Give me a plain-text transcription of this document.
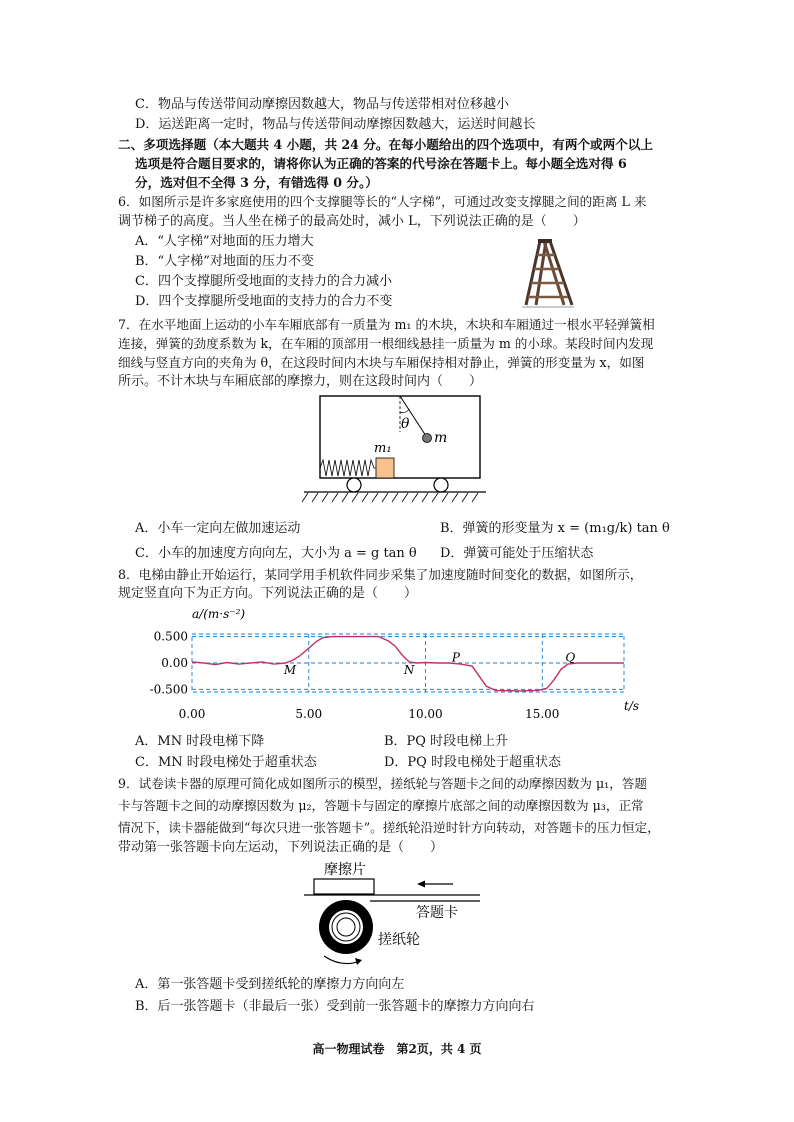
C．物品与传送带间动摩擦因数越大，物品与传送带相对位移越小
D．运送距离一定时，物品与传送带间动摩擦因数越大，运送时间越长
二、多项选择题（本大题共 4 小题，共 24 分。在每小题给出的四个选项中，有两个或两个以上
选项是符合题目要求的，请将你认为正确的答案的代号涂在答题卡上。每小题全选对得 6
分，选对但不全得 3 分，有错选得 0 分。）
6．如图所示是许多家庭使用的四个支撑腿等长的“人字梯”，可通过改变支撑腿之间的距离 L 来
调节梯子的高度。当人坐在梯子的最高处时，减小 L，下列说法正确的是（　　）
A．“人字梯”对地面的压力增大
B．“人字梯”对地面的压力不变
C．四个支撑腿所受地面的支持力的合力减小
D．四个支撑腿所受地面的支持力的合力不变
7．在水平地面上运动的小车车厢底部有一质量为 m₁ 的木块，木块和车厢通过一根水平轻弹簧相
连接，弹簧的劲度系数为 k，在车厢的顶部用一根细线悬挂一质量为 m 的小球。某段时间内发现
细线与竖直方向的夹角为 θ，在这段时间内木块与车厢保持相对静止，弹簧的形变量为 x，如图
所示。不计木块与车厢底部的摩擦力，则在这段时间内（　　）
θ
m
m₁
A．小车一定向左做加速运动	B．弹簧的形变量为 x = (m₁g/k) tan θ
C．小车的加速度方向向左，大小为 a = g tan θ D．弹簧可能处于压缩状态
8．电梯由静止开始运行，某同学用手机软件同步采集了加速度随时间变化的数据，如图所示，
规定竖直向下为正方向。下列说法正确的是（　　）
a/(m·s⁻²)
t/s
0.500
0.00
-0.500
0.00	5.00	10.00	15.00
M	N
P	Q
A．MN 时段电梯下降	B．PQ 时段电梯上升
C．MN 时段电梯处于超重状态	D．PQ 时段电梯处于超重状态
9．试卷读卡器的原理可简化成如图所示的模型，搓纸轮与答题卡之间的动摩擦因数为 μ₁，答题
卡与答题卡之间的动摩擦因数为 μ₂，答题卡与固定的摩擦片底部之间的动摩擦因数为 μ₃，正常
情况下，读卡器能做到“每次只进一张答题卡”。搓纸轮沿逆时针方向转动，对答题卡的压力恒定，
带动第一张答题卡向左运动，下列说法正确的是（　　）
摩擦片
答题卡
搓纸轮
A．第一张答题卡受到搓纸轮的摩擦力方向向左
B．后一张答题卡（非最后一张）受到前一张答题卡的摩擦力方向向右
高一物理试卷　第2页，共 4 页
